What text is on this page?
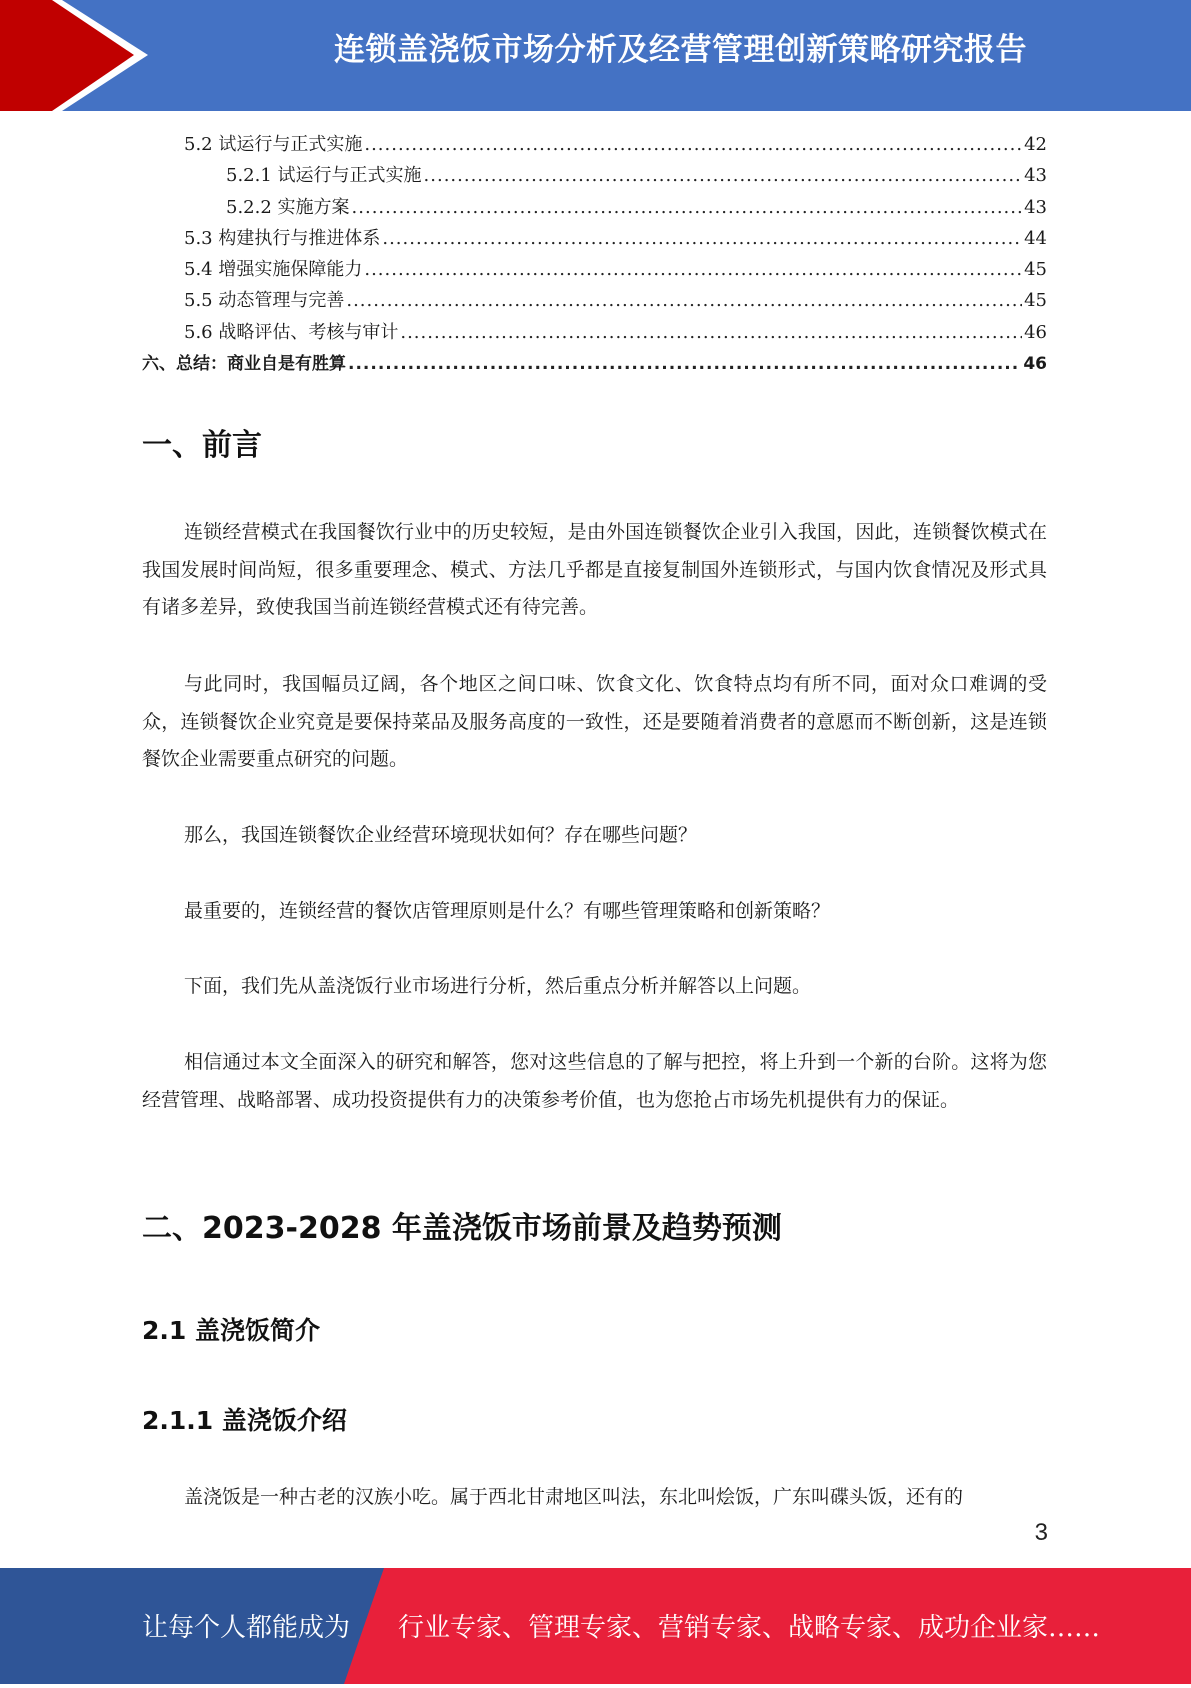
连锁盖浇饭市场分析及经营管理创新策略研究报告
5.2 试运行与正式实施 .....	42
5.2.1 试运行与正式实施 .....	43
5.2.2 实施方案 .....	43
5.3 构建执行与推进体系 .....	44
5.4 增强实施保障能力 .....	45
5.5 动态管理与完善 .....	45
5.6 战略评估、考核与审计 .....	46
六、总结：商业自是有胜算 .....	46
一、前言
连锁经营模式在我国餐饮行业中的历史较短，是由外国连锁餐饮企业引入我国，因此，连锁餐饮模式在我国发展时间尚短，很多重要理念、模式、方法几乎都是直接复制国外连锁形式，与国内饮食情况及形式具有诸多差异，致使我国当前连锁经营模式还有待完善。
与此同时，我国幅员辽阔，各个地区之间口味、饮食文化、饮食特点均有所不同，面对众口难调的受众，连锁餐饮企业究竟是要保持菜品及服务高度的一致性，还是要随着消费者的意愿而不断创新，这是连锁餐饮企业需要重点研究的问题。
那么，我国连锁餐饮企业经营环境现状如何？存在哪些问题？
最重要的，连锁经营的餐饮店管理原则是什么？有哪些管理策略和创新策略？
下面，我们先从盖浇饭行业市场进行分析，然后重点分析并解答以上问题。
相信通过本文全面深入的研究和解答，您对这些信息的了解与把控，将上升到一个新的台阶。这将为您经营管理、战略部署、成功投资提供有力的决策参考价值，也为您抢占市场先机提供有力的保证。
二、2023-2028 年盖浇饭市场前景及趋势预测
2.1 盖浇饭简介
2.1.1 盖浇饭介绍
盖浇饭是一种古老的汉族小吃。属于西北甘肃地区叫法，东北叫烩饭，广东叫碟头饭，还有的
3
让每个人都能成为 行业专家、管理专家、营销专家、战略专家、成功企业家……
